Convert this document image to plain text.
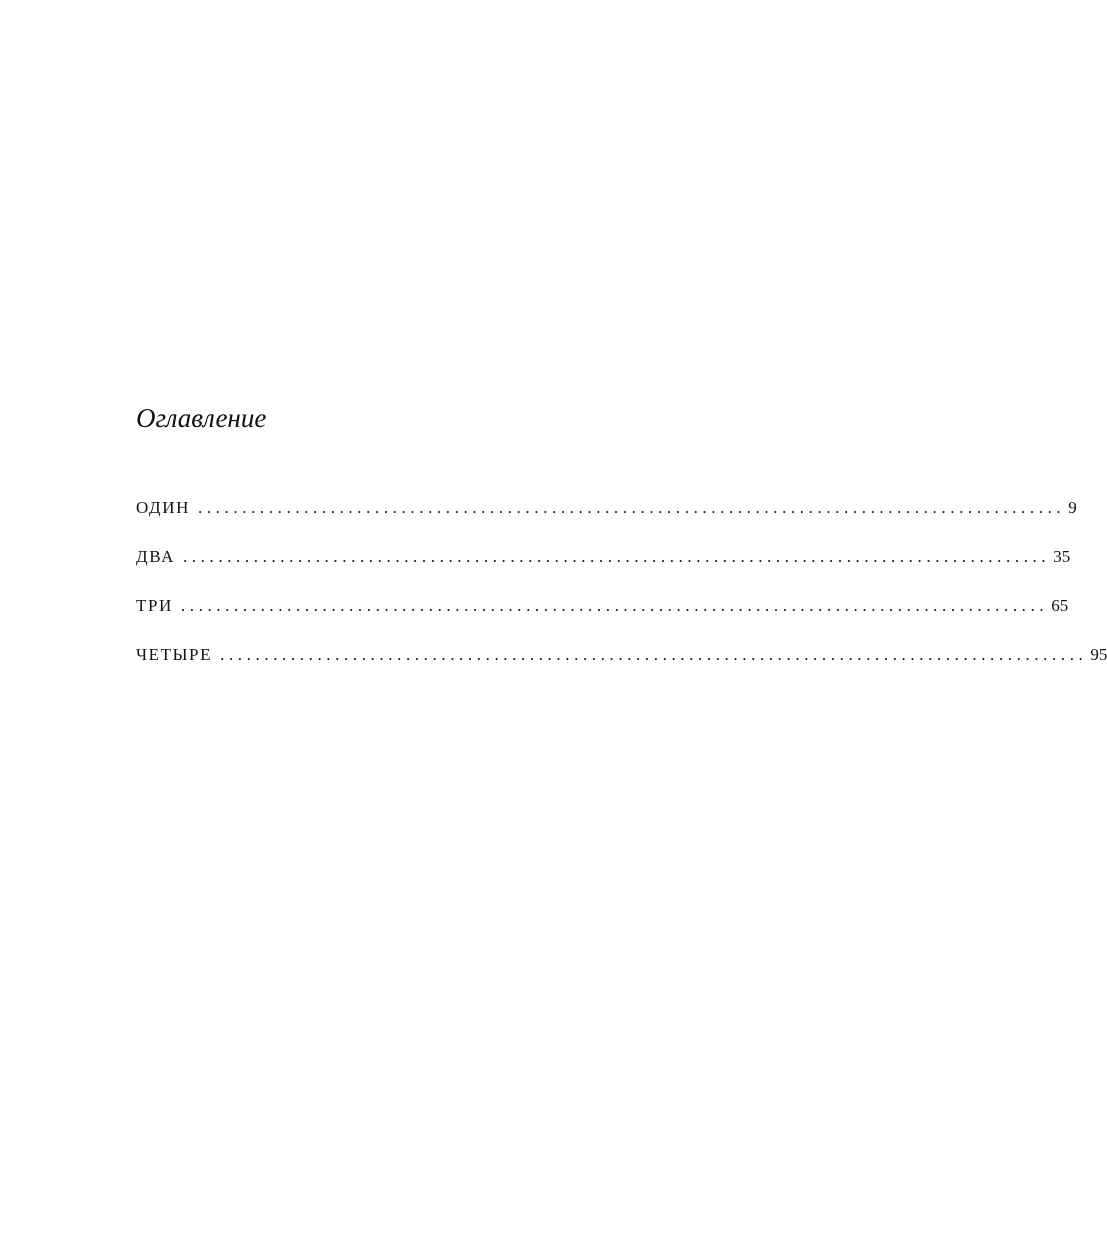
Оглавление
ОДИН .................................................................................................. 9
ДВА .................................................................................................. 35
ТРИ .................................................................................................. 65
ЧЕТЫРЕ .................................................................................................. 95
